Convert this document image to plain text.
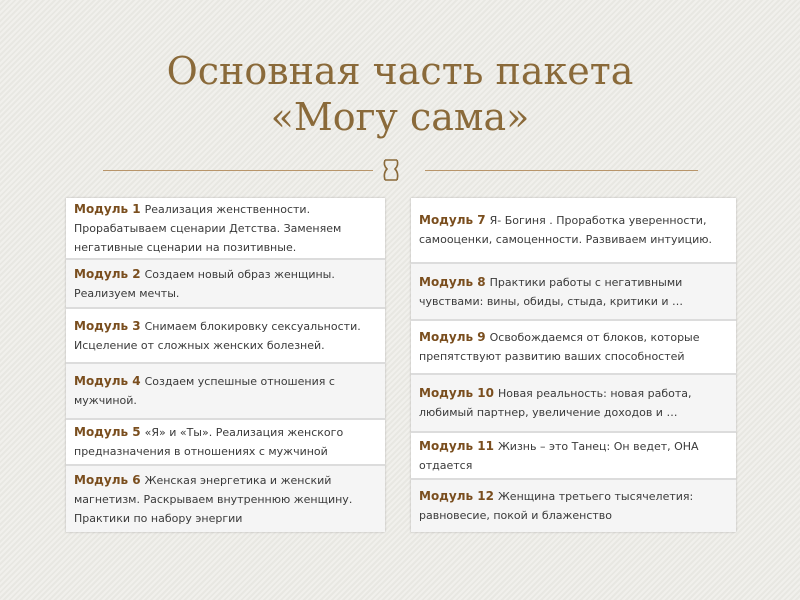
Основная часть пакета
«Могу сама»

Модуль 1 Реализация женственности. Прорабатываем сценарии Детства. Заменяем негативные сценарии на позитивные.

Модуль 2 Создаем новый образ женщины. Реализуем мечты.

Модуль 3 Снимаем блокировку сексуальности. Исцеление от сложных женских болезней.

Модуль 4 Создаем успешные отношения с мужчиной.

Модуль 5 «Я» и «Ты». Реализация женского предназначения в отношениях с мужчиной

Модуль 6 Женская энергетика и женский магнетизм. Раскрываем внутреннюю женщину. Практики по набору энергии

Модуль 7 Я- Богиня . Проработка уверенности, самооценки, самоценности. Развиваем интуицию.

Модуль 8 Практики работы с негативными чувствами: вины, обиды, стыда, критики и …

Модуль 9 Освобождаемся от блоков, которые препятствуют развитию ваших способностей

Модуль 10 Новая реальность: новая работа, любимый партнер, увеличение доходов и …

Модуль 11 Жизнь – это Танец: Он ведет, ОНА отдается

Модуль 12 Женщина третьего тысячелетия: равновесие, покой и блаженство
